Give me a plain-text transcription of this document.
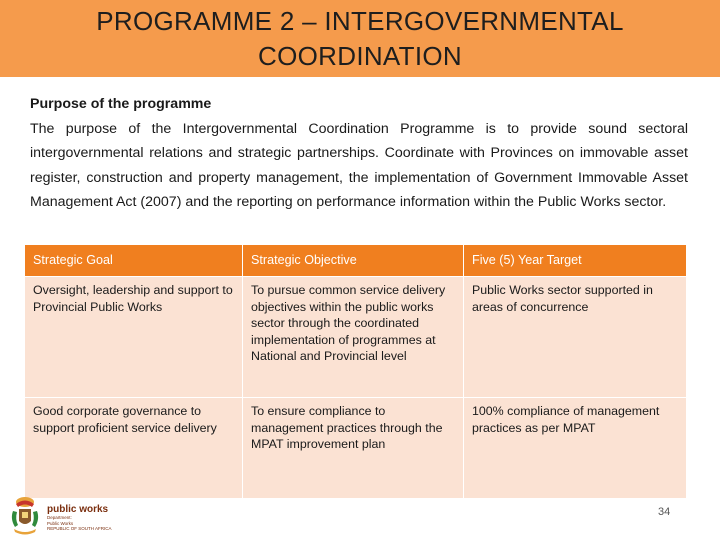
PROGRAMME 2 – INTERGOVERNMENTAL
COORDINATION
Purpose of the programme
The purpose of the Intergovernmental Coordination Programme is to provide sound sectoral intergovernmental relations and strategic partnerships. Coordinate with Provinces on immovable asset register, construction and property management, the implementation of Government Immovable Asset Management Act (2007) and the reporting on performance information within the Public Works sector.
Strategic Goal	Strategic Objective	Five (5) Year Target
Oversight, leadership and support to Provincial Public Works	To pursue common service delivery objectives within the public works sector through the coordinated implementation of programmes at National and Provincial level	Public Works sector supported in areas of concurrence
Good corporate governance to support proficient service delivery	To ensure compliance to management practices through the MPAT improvement plan	100% compliance of management practices as per MPAT
public works
Department:
Public Works
REPUBLIC OF SOUTH AFRICA
34
